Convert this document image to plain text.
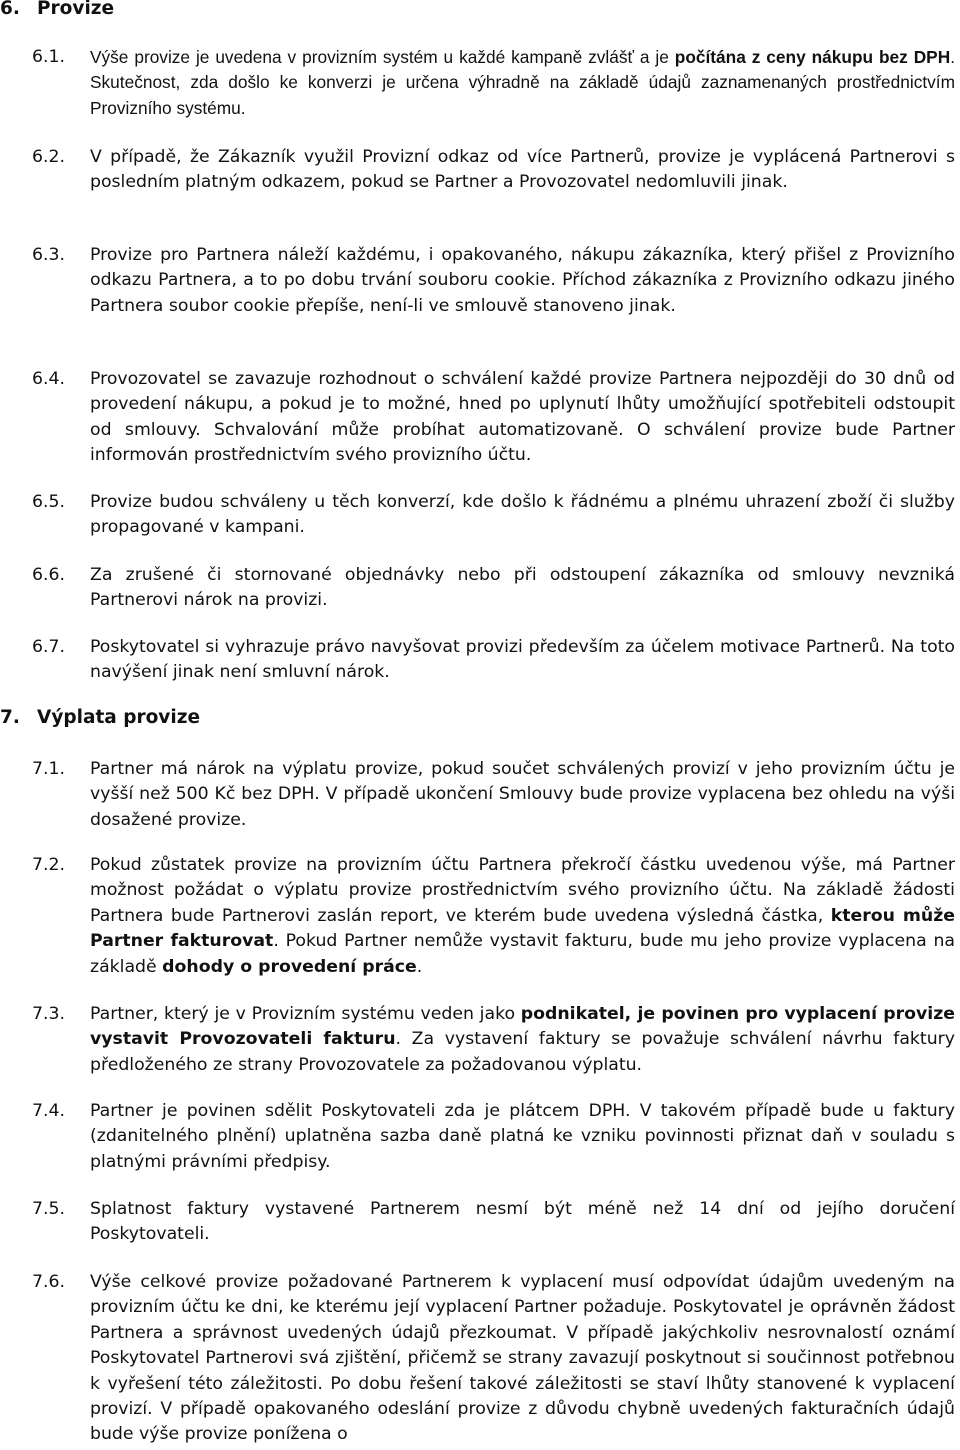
6. Provize
6.1. Výše provize je uvedena v provizním systém u každé kampaně zvlášť a je počítána z ceny nákupu bez DPH. Skutečnost, zda došlo ke konverzi je určena výhradně na základě údajů zaznamenaných prostřednictvím Provizního systému.
6.2. V případě, že Zákazník využil Provizní odkaz od více Partnerů, provize je vyplácená Partnerovi s posledním platným odkazem, pokud se Partner a Provozovatel nedomluvili jinak.
6.3. Provize pro Partnera náleží každému, i opakovaného, nákupu zákazníka, který přišel z Provizního odkazu Partnera, a to po dobu trvání souboru cookie. Příchod zákazníka z Provizního odkazu jiného Partnera soubor cookie přepíše, není-li ve smlouvě stanoveno jinak.
6.4. Provozovatel se zavazuje rozhodnout o schválení každé provize Partnera nejpozději do 30 dnů od provedení nákupu, a pokud je to možné, hned po uplynutí lhůty umožňující spotřebiteli odstoupit od smlouvy. Schvalování může probíhat automatizovaně. O schválení provize bude Partner informován prostřednictvím svého provizního účtu.
6.5. Provize budou schváleny u těch konverzí, kde došlo k řádnému a plnému uhrazení zboží či služby propagované v kampani.
6.6. Za zrušené či stornované objednávky nebo při odstoupení zákazníka od smlouvy nevzniká Partnerovi nárok na provizi.
6.7. Poskytovatel si vyhrazuje právo navyšovat provizi především za účelem motivace Partnerů. Na toto navýšení jinak není smluvní nárok.
7. Výplata provize
7.1. Partner má nárok na výplatu provize, pokud součet schválených provizí v jeho provizním účtu je vyšší než 500 Kč bez DPH. V případě ukončení Smlouvy bude provize vyplacena bez ohledu na výši dosažené provize.
7.2. Pokud zůstatek provize na provizním účtu Partnera překročí částku uvedenou výše, má Partner možnost požádat o výplatu provize prostřednictvím svého provizního účtu. Na základě žádosti Partnera bude Partnerovi zaslán report, ve kterém bude uvedena výsledná částka, kterou může Partner fakturovat. Pokud Partner nemůže vystavit fakturu, bude mu jeho provize vyplacena na základě dohody o provedení práce.
7.3. Partner, který je v Provizním systému veden jako podnikatel, je povinen pro vyplacení provize vystavit Provozovateli fakturu. Za vystavení faktury se považuje schválení návrhu faktury předloženého ze strany Provozovatele za požadovanou výplatu.
7.4. Partner je povinen sdělit Poskytovateli zda je plátcem DPH. V takovém případě bude u faktury (zdanitelného plnění) uplatněna sazba daně platná ke vzniku povinnosti přiznat daň v souladu s platnými právními předpisy.
7.5. Splatnost faktury vystavené Partnerem nesmí být méně než 14 dní od jejího doručení Poskytovateli.
7.6. Výše celkové provize požadované Partnerem k vyplacení musí odpovídat údajům uvedeným na provizním účtu ke dni, ke kterému její vyplacení Partner požaduje. Poskytovatel je oprávněn žádost Partnera a správnost uvedených údajů přezkoumat. V případě jakýchkoliv nesrovnalostí oznámí Poskytovatel Partnerovi svá zjištění, přičemž se strany zavazují poskytnout si součinnost potřebnou k vyřešení této záležitosti. Po dobu řešení takové záležitosti se staví lhůty stanovené k vyplacení provizí. V případě opakovaného odeslání provize z důvodu chybně uvedených fakturačních údajů bude výše provize ponížena o
